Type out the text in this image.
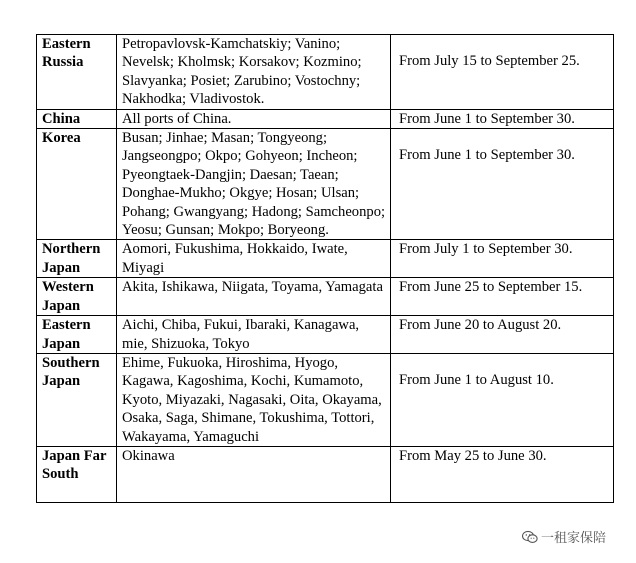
Eastern Russia	Petropavlovsk-Kamchatskiy; Vanino; Nevelsk; Kholmsk; Korsakov; Kozmino; Slavyanka; Posiet; Zarubino; Vostochny; Nakhodka; Vladivostok.	From July 15 to September 25.
China	All ports of China.	From June 1 to September 30.
Korea	Busan; Jinhae; Masan; Tongyeong; Jangseongpo; Okpo; Gohyeon; Incheon; Pyeongtaek-Dangjin; Daesan; Taean; Donghae-Mukho; Okgye; Hosan; Ulsan; Pohang; Gwangyang; Hadong; Samcheonpo; Yeosu; Gunsan; Mokpo; Boryeong.	From June 1 to September 30.
Northern Japan	Aomori, Fukushima, Hokkaido, Iwate, Miyagi	From July 1 to September 30.
Western Japan	Akita, Ishikawa, Niigata, Toyama, Yamagata	From June 25 to September 15.
Eastern Japan	Aichi, Chiba, Fukui, Ibaraki, Kanagawa, mie, Shizuoka, Tokyo	From June 20 to August 20.
Southern Japan	Ehime, Fukuoka, Hiroshima, Hyogo, Kagawa, Kagoshima, Kochi, Kumamoto, Kyoto, Miyazaki, Nagasaki, Oita, Okayama, Osaka, Saga, Shimane, Tokushima, Tottori, Wakayama, Yamaguchi	From June 1 to August 10.
Japan Far South	Okinawa	From May 25 to June 30.
一租家保陪
